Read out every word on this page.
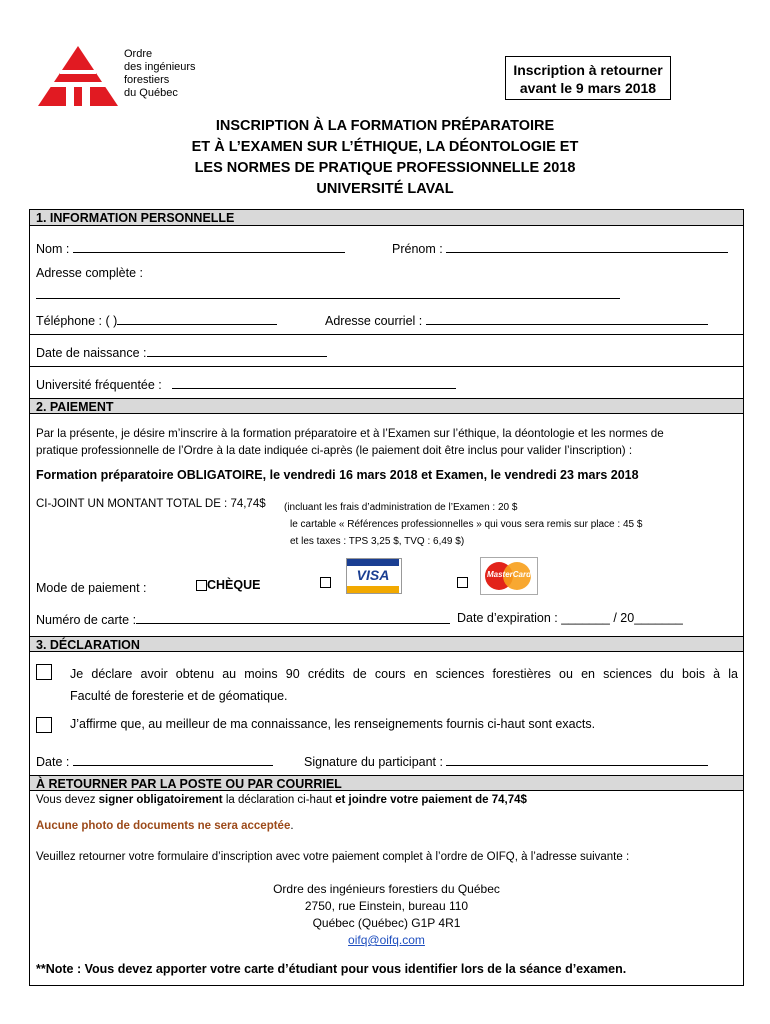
Ordre
des ingénieurs
forestiers
du Québec
Inscription à retourner
avant le 9 mars 2018
INSCRIPTION À LA FORMATION PRÉPARATOIRE
ET À L’EXAMEN SUR L’ÉTHIQUE, LA DÉONTOLOGIE ET
LES NORMES DE PRATIQUE PROFESSIONNELLE 2018
UNIVERSITÉ LAVAL
1. INFORMATION PERSONNELLE
Nom :	Prénom :
Adresse complète :
Téléphone : ( )	Adresse courriel :
Date de naissance :
Université fréquentée :
2. PAIEMENT
Par la présente, je désire m’inscrire à la formation préparatoire et à l’Examen sur l’éthique, la déontologie et les normes de
pratique professionnelle de l’Ordre à la date indiquée ci-après (le paiement doit être inclus pour valider l’inscription) :
Formation préparatoire OBLIGATOIRE, le vendredi 16 mars 2018 et Examen, le vendredi 23 mars 2018
CI-JOINT UN MONTANT TOTAL DE : 74,74$ (incluant les frais d’administration de l’Examen : 20 $
le cartable « Références professionnelles » qui vous sera remis sur place : 45 $
et les taxes : TPS 3,25 $, TVQ : 6,49 $)
Mode de paiement :	CHÈQUE
VISA	MasterCard
Numéro de carte :	Date d’expiration : _______ / 20_______
3. DÉCLARATION
Je déclare avoir obtenu au moins 90 crédits de cours en sciences forestières ou en sciences du bois à la
Faculté de foresterie et de géomatique.
J’affirme que, au meilleur de ma connaissance, les renseignements fournis ci-haut sont exacts.
Date :	Signature du participant :
À RETOURNER PAR LA POSTE OU PAR COURRIEL
Vous devez signer obligatoirement la déclaration ci-haut et joindre votre paiement de 74,74$
Aucune photo de documents ne sera acceptée.
Veuillez retourner votre formulaire d’inscription avec votre paiement complet à l’ordre de OIFQ, à l’adresse suivante :
Ordre des ingénieurs forestiers du Québec
2750, rue Einstein, bureau 110
Québec (Québec) G1P 4R1
oifq@oifq.com
**Note : Vous devez apporter votre carte d’étudiant pour vous identifier lors de la séance d’examen.
